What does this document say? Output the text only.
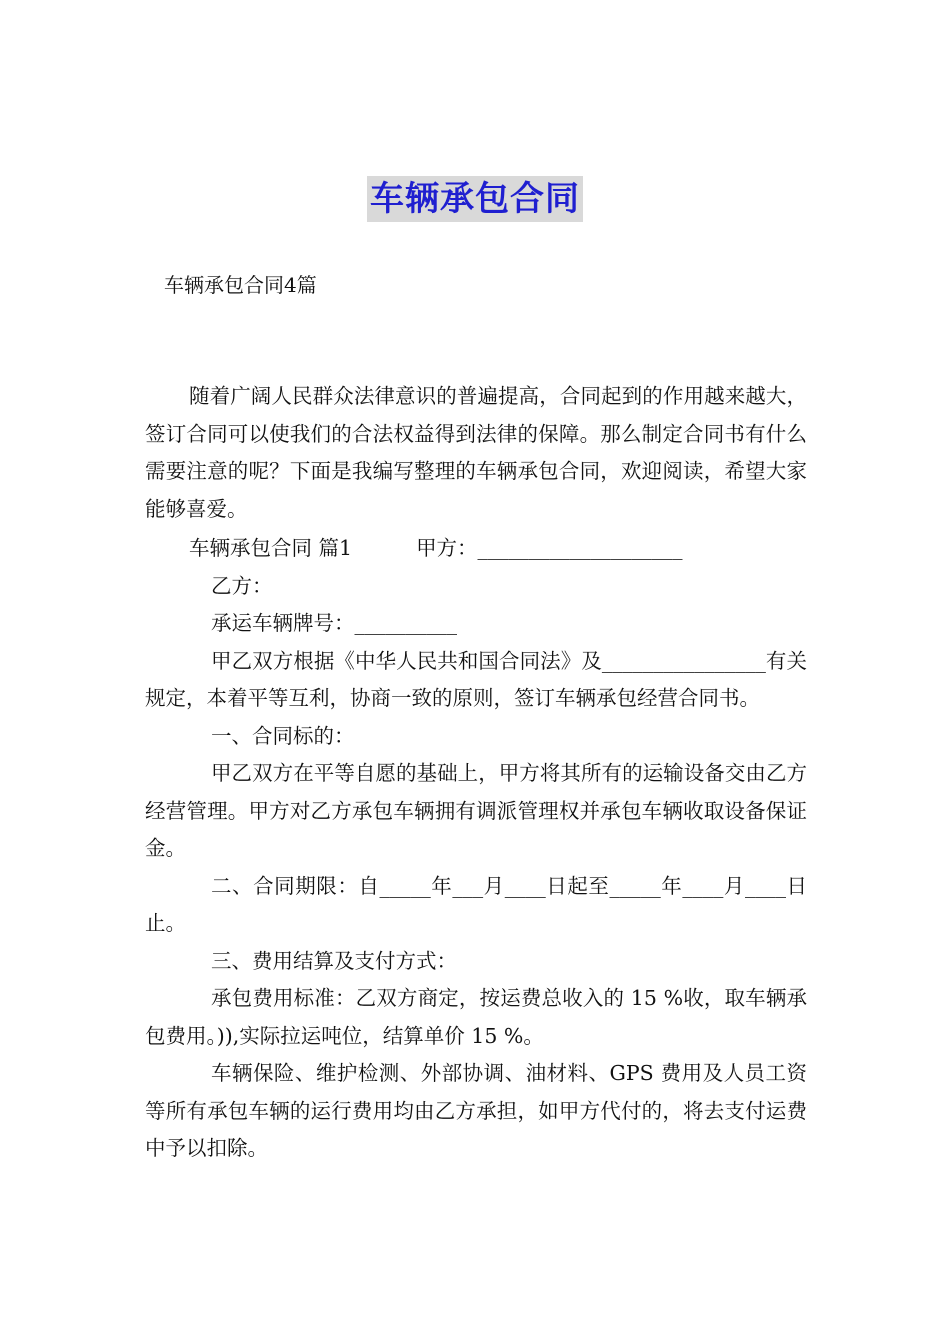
车辆承包合同
车辆承包合同4篇

随着广阔人民群众法律意识的普遍提高，合同起到的作用越来越大，签订合同可以使我们的合法权益得到法律的保障。那么制定合同书有什么需要注意的呢？下面是我编写整理的车辆承包合同，欢迎阅读，希望大家能够喜爱。

车辆承包合同 篇1	甲方：____________________

乙方：

承运车辆牌号：__________

甲乙双方根据《中华人民共和国合同法》及________________有关规定，本着平等互利，协商一致的原则，签订车辆承包经营合同书。

一、合同标的：

甲乙双方在平等自愿的基础上，甲方将其所有的运输设备交由乙方经营管理。甲方对乙方承包车辆拥有调派管理权并承包车辆收取设备保证金。

二、合同期限：自_____年___月____日起至_____年____月____日止。

三、费用结算及支付方式：

承包费用标准：乙双方商定，按运费总收入的 15 %收，取车辆承包费用。)),实际拉运吨位，结算单价 15 %。

车辆保险、维护检测、外部协调、油材料、GPS 费用及人员工资等所有承包车辆的运行费用均由乙方承担，如甲方代付的，将去支付运费中予以扣除。
